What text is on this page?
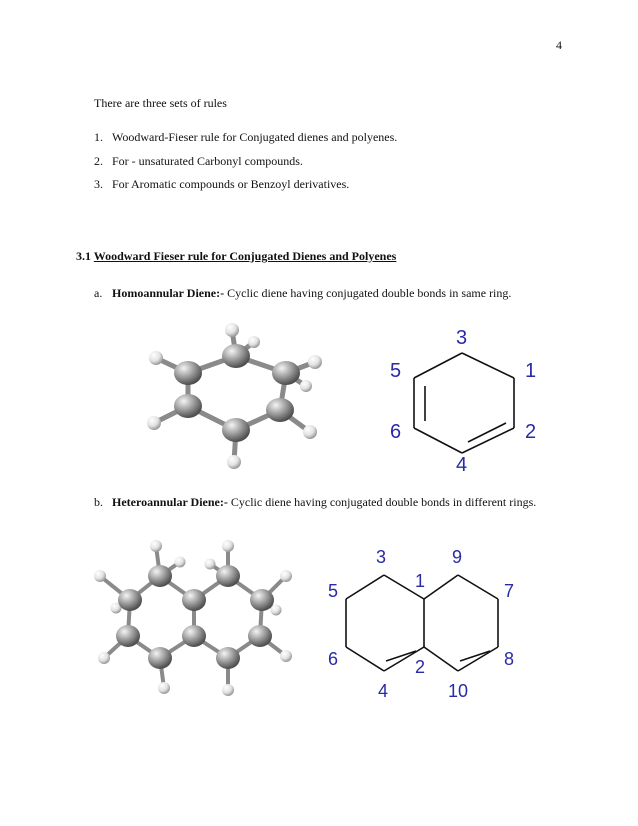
4
There are three sets of rules
1. Woodward-Fieser rule for Conjugated dienes and polyenes.
2. For - unsaturated Carbonyl compounds.
3. For Aromatic compounds or Benzoyl derivatives.
3.1 Woodward Fieser rule for Conjugated Dienes and Polyenes
a. Homoannular Diene:- Cyclic diene having conjugated double bonds in same ring.
3
1
5
6	2
4
b. Heteroannular Diene:- Cyclic diene having conjugated double bonds in different rings.
3	9
1
5	7
6	8
2
4	10
